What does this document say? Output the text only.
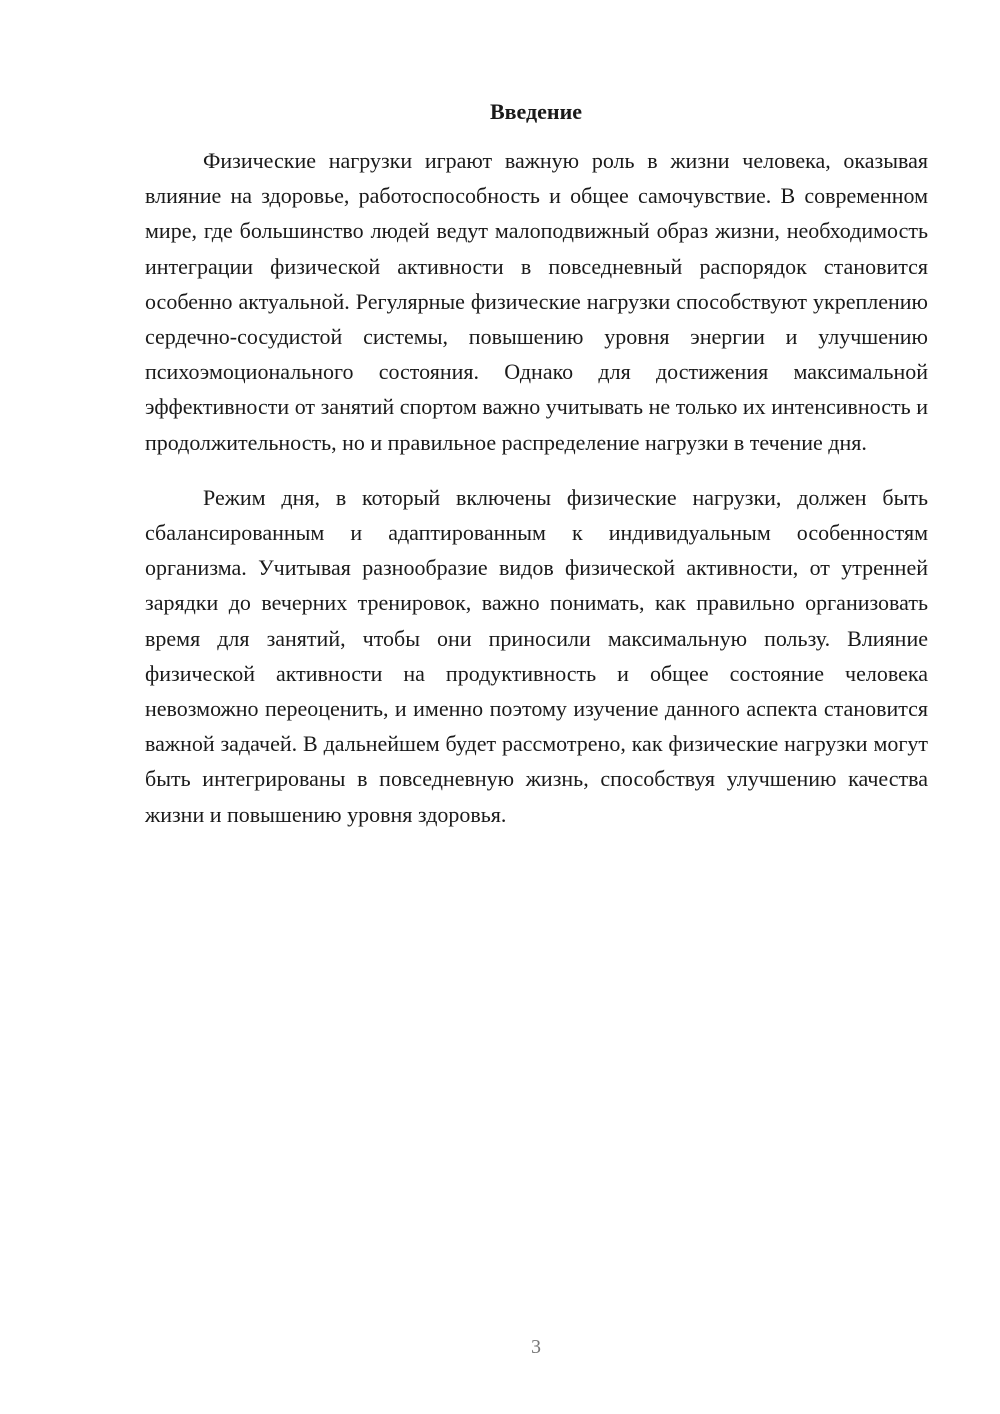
Введение

Физические нагрузки играют важную роль в жизни человека, оказывая влияние на здоровье, работоспособность и общее самочувствие. В современном мире, где большинство людей ведут малоподвижный образ жизни, необходимость интеграции физической активности в повседневный распорядок становится особенно актуальной. Регулярные физические нагрузки способствуют укреплению сердечно-сосудистой системы, повышению уровня энергии и улучшению психоэмоционального состояния. Однако для достижения максимальной эффективности от занятий спортом важно учитывать не только их интенсивность и продолжительность, но и правильное распределение нагрузки в течение дня.

Режим дня, в который включены физические нагрузки, должен быть сбалансированным и адаптированным к индивидуальным особенностям организма. Учитывая разнообразие видов физической активности, от утренней зарядки до вечерних тренировок, важно понимать, как правильно организовать время для занятий, чтобы они приносили максимальную пользу. Влияние физической активности на продуктивность и общее состояние человека невозможно переоценить, и именно поэтому изучение данного аспекта становится важной задачей. В дальнейшем будет рассмотрено, как физические нагрузки могут быть интегрированы в повседневную жизнь, способствуя улучшению качества жизни и повышению уровня здоровья.

3
